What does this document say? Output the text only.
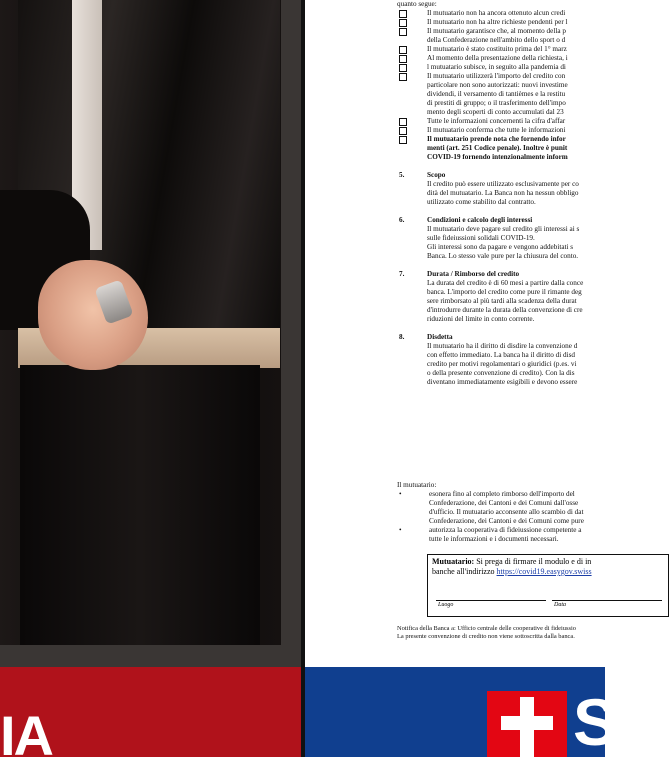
IA

quanto segue:

Il mutuatario non ha ancora ottenuto alcun credi
Il mutuatario non ha altre richieste pendenti per l
Il mutuatario garantisce che, al momento della p
della Confederazione nell'ambito dello sport o d
Il mutuatario è stato costituito prima del 1° marz
Al momento della presentazione della richiesta, i
l mutuatario subisce, in seguito alla pandemia di
Il mutuatario utilizzerà l'importo del credito con
particolare non sono autorizzati: nuovi investime
dividendi, il versamento di tantièmes e la restitu
di prestiti di gruppo; o il trasferimento dell'impo
mento degli scoperti di conto accumulati dal 23
Tutte le informazioni concernenti la cifra d'affar
Il mutuatario conferma che tutte le informazioni
Il mutuatario prende nota che fornendo infor
menti (art. 251 Codice penale). Inoltre è punit
COVID-19 fornendo intenzionalmente inform
5.	Scopo

Il credito può essere utilizzato esclusivamente per co

dità del mutuatario. La Banca non ha nessun obbligo

utilizzato come stabilito dal contratto.

6.	Condizioni e calcolo degli interessi

Il mutuatario deve pagare sul credito gli interessi ai s

sulle fideiussioni solidali COVID-19.

Gli interessi sono da pagare e vengono addebitati s

Banca. Lo stesso vale pure per la chiusura del conto.

7.	Durata / Rimborso del credito

La durata del credito è di 60 mesi a partire dalla conce

banca. L'importo del credito come pure il rimante deg

sere rimborsato al più tardi alla scadenza della durat

d'introdurre durante la durata della convenzione di cre

riduzioni del limite in conto corrente.

8.	Disdetta

Il mutuatario ha il diritto di disdire la convenzione d

con effetto immediato. La banca ha il diritto di disd

credito per motivi regolamentari o giuridici (p.es. vi

o della presente convenzione di credito). Con la dis

diventano immediatamente esigibili e devono essere

Il mutuatario:

• esonera fino al completo rimborso dell'importo del
Confederazione, dei Cantoni e dei Comuni dall'osse
d'ufficio. Il mutuatario acconsente allo scambio di dat
Confederazione, dei Cantoni e dei Comuni come pure
• autorizza la cooperativa di fideiussione competente a
tutte le informazioni e i documenti necessari.
Mutuatario: Si prega di firmare il modulo e di in
banche all'indirizzo https://covid19.easygov.swiss
Luogo	Data
Notifica della Banca a: Ufficio centrale delle cooperative di fideiussio
La presente convenzione di credito non viene sottoscritta dalla banca.
S
